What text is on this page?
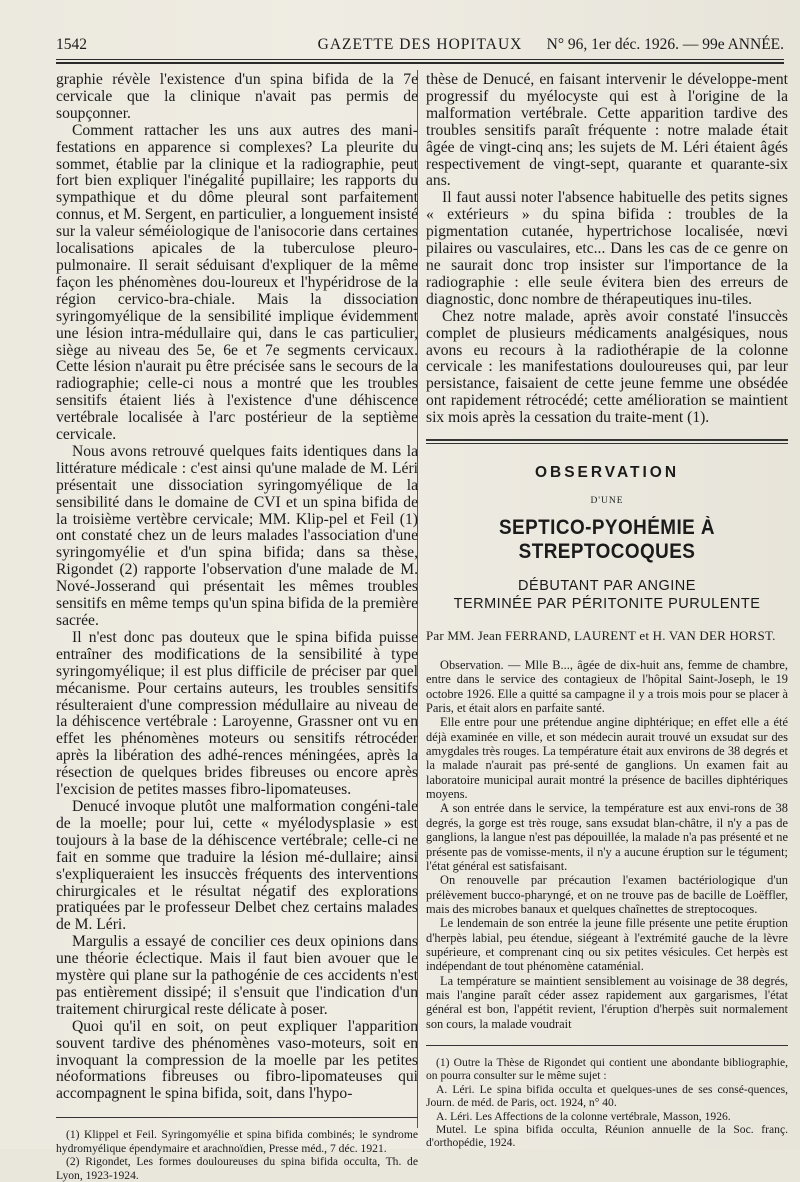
1542	GAZETTE DES HOPITAUX	N° 96, 1er déc. 1926. — 99e ANNÉE.

graphie révèle l'existence d'un spina bifida de la 7e cervicale que la clinique n'avait pas permis de soupçonner.

Comment rattacher les uns aux autres des mani-festations en apparence si complexes? La pleurite du sommet, établie par la clinique et la radiographie, peut fort bien expliquer l'inégalité pupillaire; les rapports du sympathique et du dôme pleural sont parfaitement connus, et M. Sergent, en particulier, a longuement insisté sur la valeur séméiologique de l'anisocorie dans certaines localisations apicales de la tuberculose pleuro-pulmonaire. Il serait séduisant d'expliquer de la même façon les phénomènes dou-loureux et l'hypéridrose de la région cervico-bra-chiale. Mais la dissociation syringomyélique de la sensibilité implique évidemment une lésion intra-médullaire qui, dans le cas particulier, siège au niveau des 5e, 6e et 7e segments cervicaux. Cette lésion n'aurait pu être précisée sans le secours de la radiographie; celle-ci nous a montré que les troubles sensitifs étaient liés à l'existence d'une déhiscence vertébrale localisée à l'arc postérieur de la septième cervicale.

Nous avons retrouvé quelques faits identiques dans la littérature médicale : c'est ainsi qu'une malade de M. Léri présentait une dissociation syringomyélique de la sensibilité dans le domaine de CVI et un spina bifida de la troisième vertèbre cervicale; MM. Klip-pel et Feil (1) ont constaté chez un de leurs malades l'association d'une syringomyélie et d'un spina bifida; dans sa thèse, Rigondet (2) rapporte l'observation d'une malade de M. Nové-Josserand qui présentait les mêmes troubles sensitifs en même temps qu'un spina bifida de la première sacrée.

Il n'est donc pas douteux que le spina bifida puisse entraîner des modifications de la sensibilité à type syringomyélique; il est plus difficile de préciser par quel mécanisme. Pour certains auteurs, les troubles sensitifs résulteraient d'une compression médullaire au niveau de la déhiscence vertébrale : Laroyenne, Grassner ont vu en effet les phénomènes moteurs ou sensitifs rétrocéder après la libération des adhé-rences méningées, après la résection de quelques brides fibreuses ou encore après l'excision de petites masses fibro-lipomateuses.

Denucé invoque plutôt une malformation congéni-tale de la moelle; pour lui, cette « myélodysplasie » est toujours à la base de la déhiscence vertébrale; celle-ci ne fait en somme que traduire la lésion mé-dullaire; ainsi s'expliqueraient les insuccès fréquents des interventions chirurgicales et le résultat négatif des explorations pratiquées par le professeur Delbet chez certains malades de M. Léri.

Margulis a essayé de concilier ces deux opinions dans une théorie éclectique. Mais il faut bien avouer que le mystère qui plane sur la pathogénie de ces accidents n'est pas entièrement dissipé; il s'ensuit que l'indication d'un traitement chirurgical reste délicate à poser.

Quoi qu'il en soit, on peut expliquer l'apparition souvent tardive des phénomènes vaso-moteurs, soit en invoquant la compression de la moelle par les petites néoformations fibreuses ou fibro-lipomateuses qui accompagnent le spina bifida, soit, dans l'hypo-

(1) Klippel et Feil. Syringomyélie et spina bifida combinés; le syndrome hydromyélique épendymaire et arachnoïdien, Presse méd., 7 déc. 1921.

(2) Rigondet, Les formes douloureuses du spina bifida occulta, Th. de Lyon, 1923-1924.

thèse de Denucé, en faisant intervenir le développe-ment progressif du myélocyste qui est à l'origine de la malformation vertébrale. Cette apparition tardive des troubles sensitifs paraît fréquente : notre malade était âgée de vingt-cinq ans; les sujets de M. Léri étaient âgés respectivement de vingt-sept, quarante et quarante-six ans.

Il faut aussi noter l'absence habituelle des petits signes « extérieurs » du spina bifida : troubles de la pigmentation cutanée, hypertrichose localisée, nœvi pilaires ou vasculaires, etc... Dans les cas de ce genre on ne saurait donc trop insister sur l'importance de la radiographie : elle seule évitera bien des erreurs de diagnostic, donc nombre de thérapeutiques inu-tiles.

Chez notre malade, après avoir constaté l'insuccès complet de plusieurs médicaments analgésiques, nous avons eu recours à la radiothérapie de la colonne cervicale : les manifestations douloureuses qui, par leur persistance, faisaient de cette jeune femme une obsédée ont rapidement rétrocédé; cette amélioration se maintient six mois après la cessation du traite-ment (1).

OBSERVATION
D'UNE
SEPTICO-PYOHÉMIE À STREPTOCOQUES
DÉBUTANT PAR ANGINE
TERMINÉE PAR PÉRITONITE PURULENTE
Par MM. Jean FERRAND, LAURENT et H. VAN DER HORST.

Observation. — Mlle B..., âgée de dix-huit ans, femme de chambre, entre dans le service des contagieux de l'hôpital Saint-Joseph, le 19 octobre 1926. Elle a quitté sa campagne il y a trois mois pour se placer à Paris, et était alors en parfaite santé.

Elle entre pour une prétendue angine diphtérique; en effet elle a été déjà examinée en ville, et son médecin aurait trouvé un exsudat sur des amygdales très rouges. La température était aux environs de 38 degrés et la malade n'aurait pas pré-senté de ganglions. Un examen fait au laboratoire municipal aurait montré la présence de bacilles diphtériques moyens.

A son entrée dans le service, la température est aux envi-rons de 38 degrés, la gorge est très rouge, sans exsudat blan-châtre, il n'y a pas de ganglions, la langue n'est pas dépouillée, la malade n'a pas présenté et ne présente pas de vomisse-ments, il n'y a aucune éruption sur le tégument; l'état général est satisfaisant.

On renouvelle par précaution l'examen bactériologique d'un prélèvement bucco-pharyngé, et on ne trouve pas de bacille de Loëffler, mais des microbes banaux et quelques chaînettes de streptocoques.

Le lendemain de son entrée la jeune fille présente une petite éruption d'herpès labial, peu étendue, siégeant à l'extrémité gauche de la lèvre supérieure, et comprenant cinq ou six petites vésicules. Cet herpès est indépendant de tout phénomène cataménial.

La température se maintient sensiblement au voisinage de 38 degrés, mais l'angine paraît céder assez rapidement aux gargarismes, l'état général est bon, l'appétit revient, l'éruption d'herpès suit normalement son cours, la malade voudrait

(1) Outre la Thèse de Rigondet qui contient une abondante bibliographie, on pourra consulter sur le même sujet :

A. Léri. Le spina bifida occulta et quelques-unes de ses consé-quences, Journ. de méd. de Paris, oct. 1924, n° 40.

A. Léri. Les Affections de la colonne vertébrale, Masson, 1926.

Mutel. Le spina bifida occulta, Réunion annuelle de la Soc. franç. d'orthopédie, 1924.
